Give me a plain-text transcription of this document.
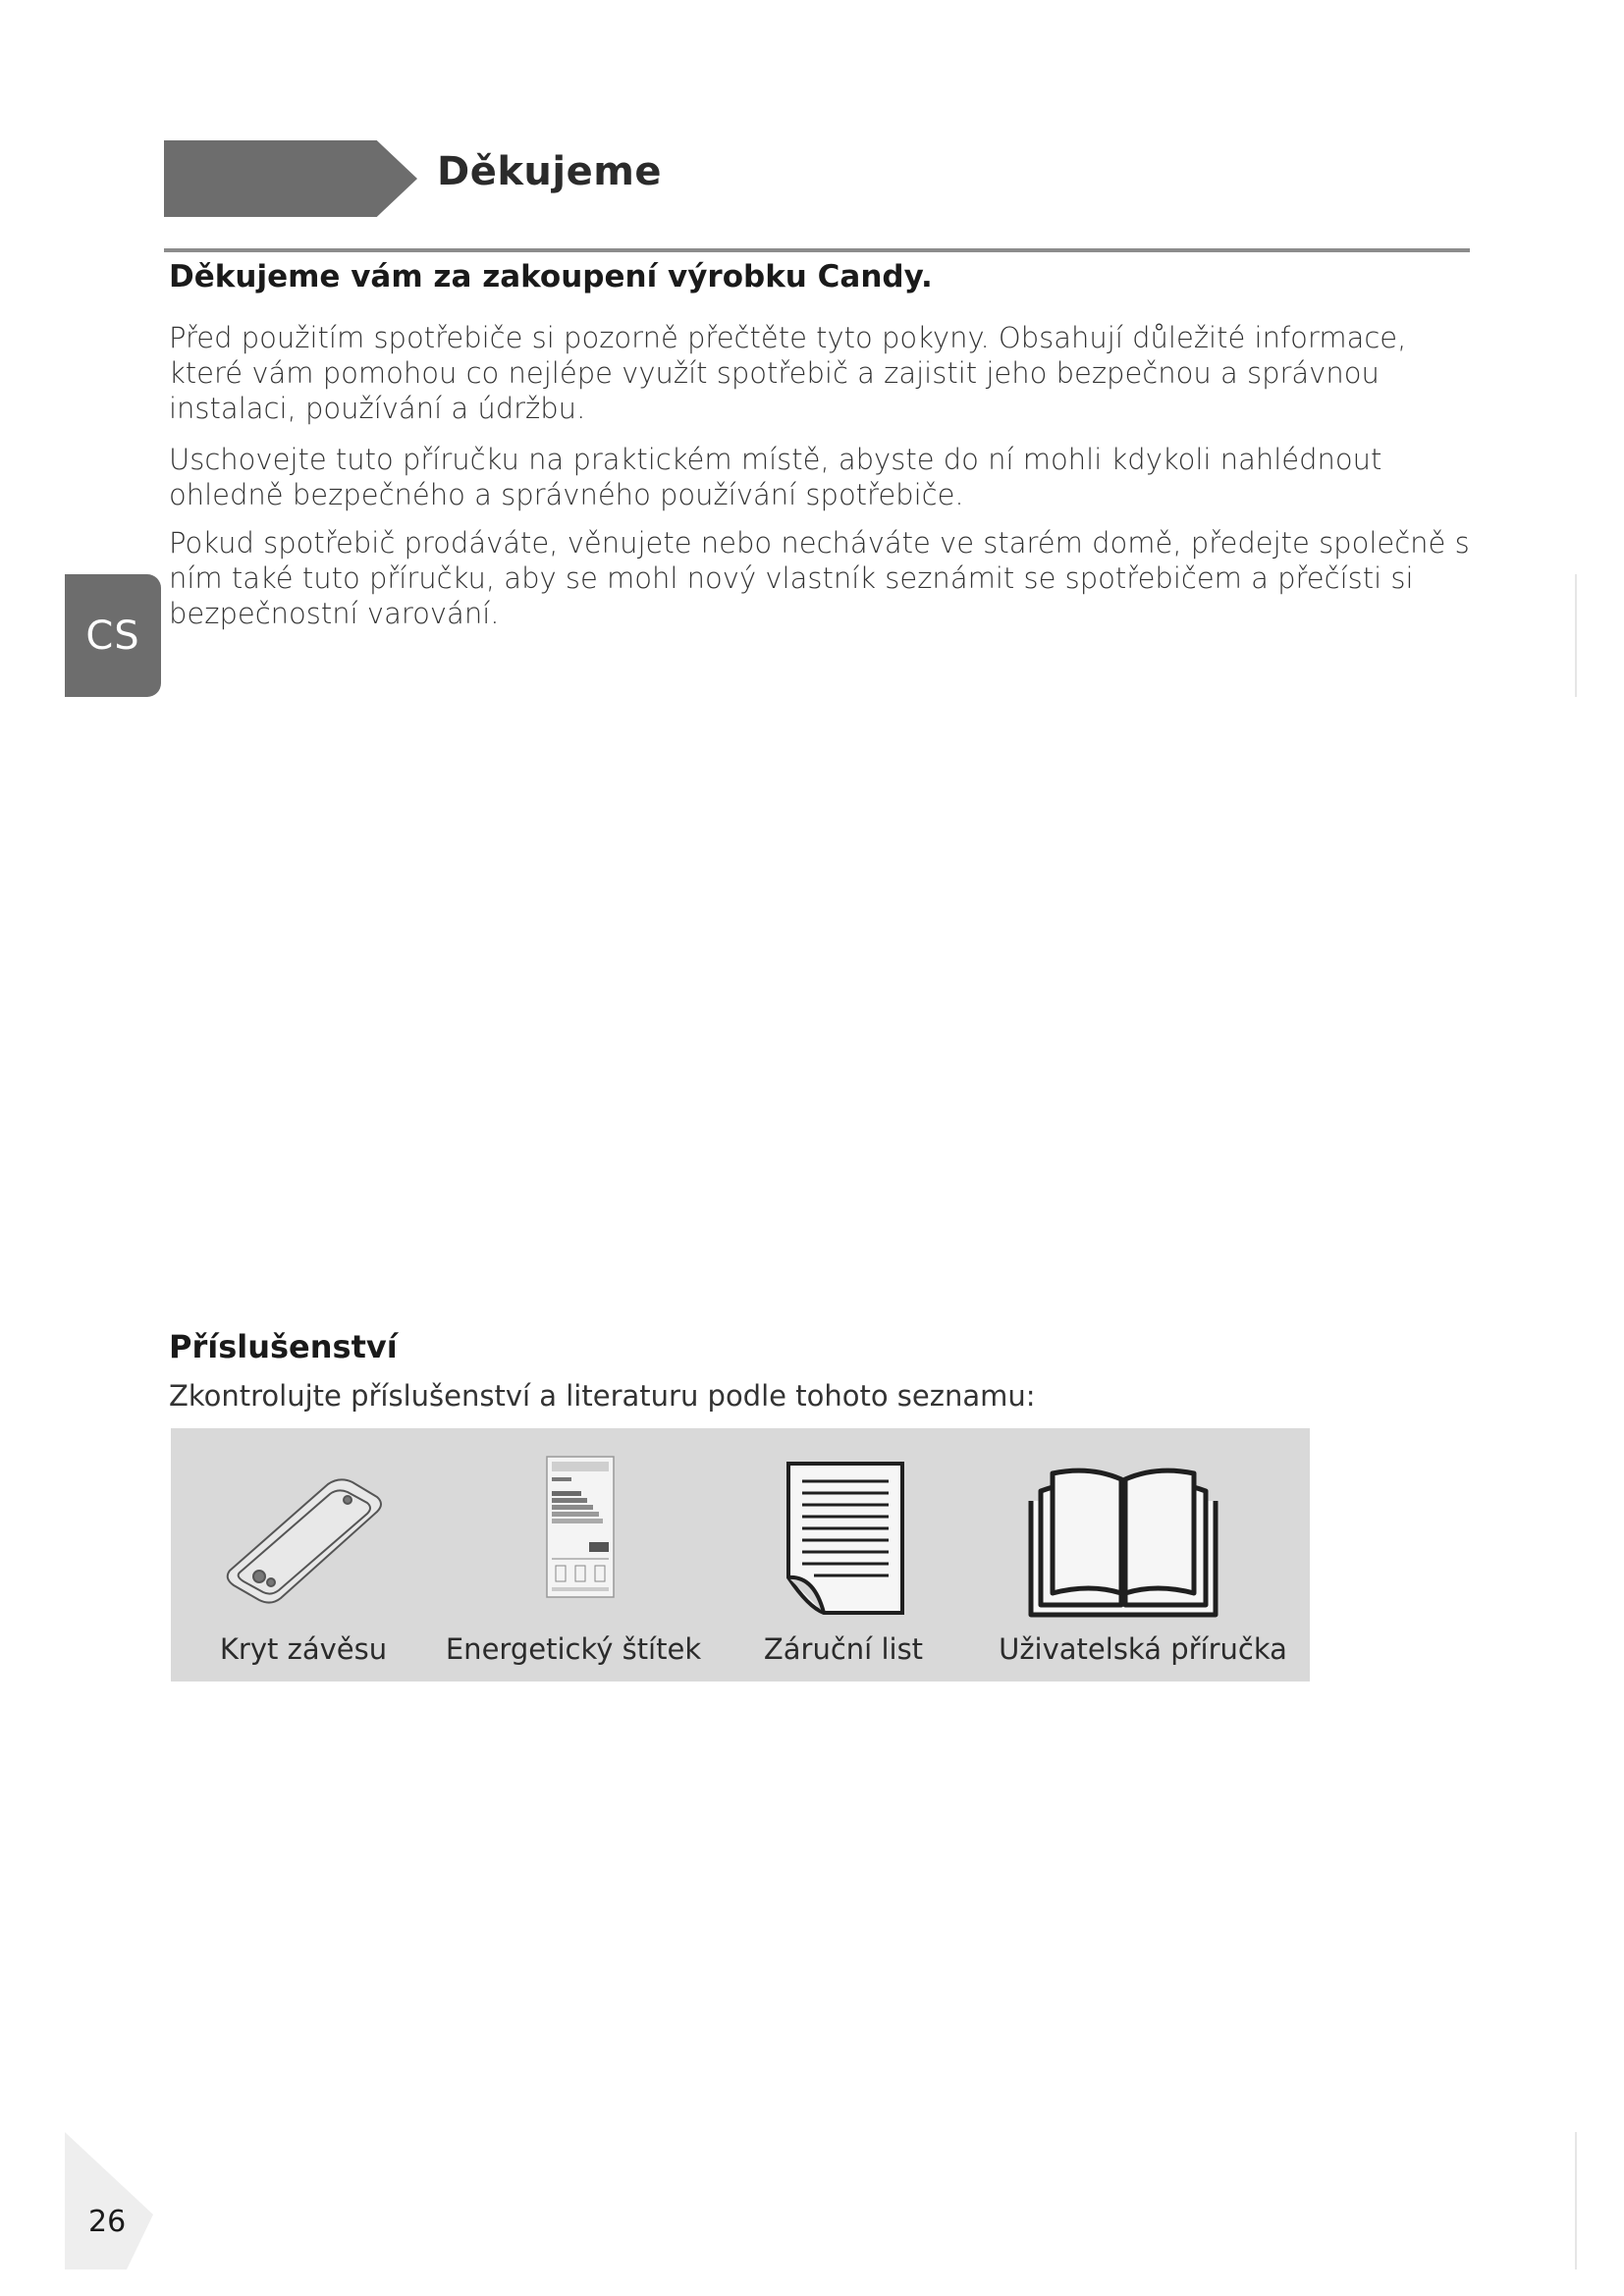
Děkujeme
Děkujeme vám za zakoupení výrobku Candy.

Před použitím spotřebiče si pozorně přečtěte tyto pokyny. Obsahují důležité informace, které vám pomohou co nejlépe využít spotřebič a zajistit jeho bezpečnou a správnou instalaci, používání a údržbu.

Uschovejte tuto příručku na praktickém místě, abyste do ní mohli kdykoli nahlédnout ohledně bezpečného a správného používání spotřebiče.

Pokud spotřebič prodáváte, věnujete nebo necháváte ve starém domě, předejte společně s ním také tuto příručku, aby se mohl nový vlastník seznámit se spotřebičem a přečísti si bezpečnostní varování.

CS
Příslušenství
Zkontrolujte příslušenství a literaturu podle tohoto seznamu:
Kryt závěsu	Energetický štítek	Záruční list	Uživatelská příručka
26
